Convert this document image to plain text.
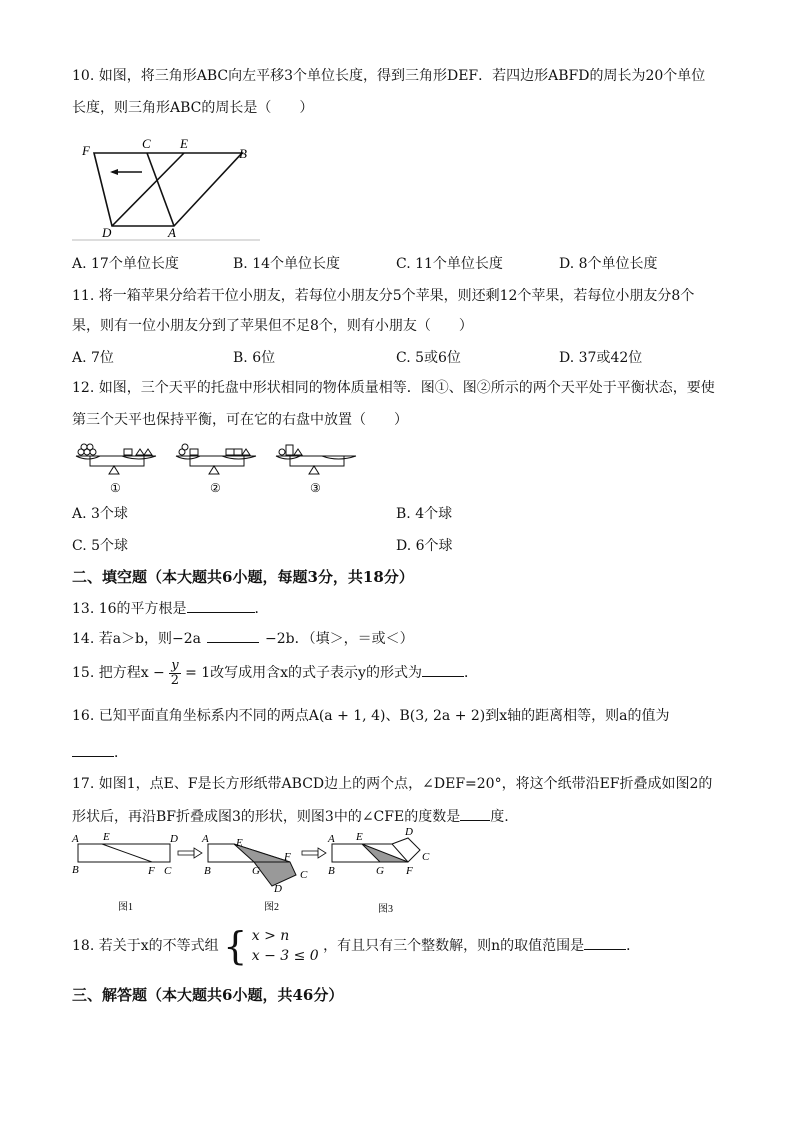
10. 如图，将三角形ABC向左平移3个单位长度，得到三角形DEF．若四边形ABFD的周长为20个单位
长度，则三角形ABC的周长是（　　）
F	C E
B
D	A
A. 17个单位长度	B. 14个单位长度	C. 11个单位长度	D. 8个单位长度
11. 将一箱苹果分给若干位小朋友，若每位小朋友分5个苹果，则还剩12个苹果，若每位小朋友分8个
果，则有一位小朋友分到了苹果但不足8个，则有小朋友（　　）
A. 7位	B. 6位	C. 5或6位	D. 37或42位
12. 如图，三个天平的托盘中形状相同的物体质量相等．图①、图②所示的两个天平处于平衡状态，要使
第三个天平也保持平衡，可在它的右盘中放置（　　）
①	②	③
A. 3个球	B. 4个球
C. 5个球	D. 6个球
二、填空题（本大题共6小题，每题3分，共18分）
13. 16的平方根是	．
14. 若a＞b，则−2a	−2b．（填＞，＝或＜）
15. 把方程$x - \frac{y}{2} = 1$改写成用含x的式子表示y的形式为	．
16. 已知平面直角坐标系内不同的两点A(a + 1, 4)、B(3, 2a + 2)到x轴的距离相等，则a的值为
．
17. 如图1，点E、F是长方形纸带ABCD边上的两个点，∠DEF=20°，将这个纸带沿EF折叠成如图2的
形状后，再沿BF折叠成图3的形状，则图3中的∠CFE的度数是 度.
A E	D
B	F C
图1
A E
F
B	G	C
D
图2
A E	D
C
B	G F
图3
18. 若关于x的不等式组 { x > n
x − 3 ≤ 0
，有且只有三个整数解，则n的取值范围是	．
三、解答题（本大题共6小题，共46分）
